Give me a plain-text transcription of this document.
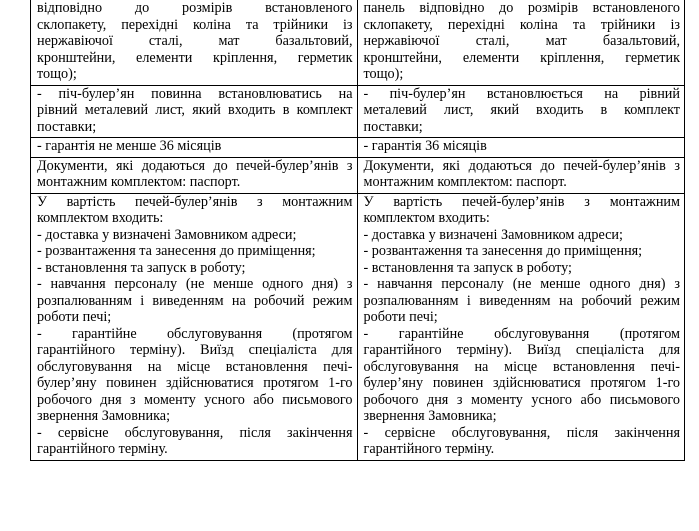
відповідно до розмірів встановленого
склопакету, перехідні коліна та трійники із
нержавіючої сталі, мат базальтовий,
кронштейни, елементи кріплення, герметик
тощо);
панель відповідно до розмірів встановленого
склопакету, перехідні коліна та трійники із
нержавіючої сталі, мат базальтовий,
кронштейни, елементи кріплення, герметик
тощо);
- піч-булер’ян повинна встановлюватись на
рівний металевий лист, який входить в комплект
поставки;
- піч-булер’ян встановлюється на рівний
металевий лист, який входить в комплект
поставки;
- гарантія не менше 36 місяців	- гарантія 36 місяців
Документи, які додаються до печей-булер’янів з
монтажним комплектом: паспорт.
Документи, які додаються до печей-булер’янів з
монтажним комплектом: паспорт.
У вартість печей-булер’янів з монтажним
комплектом входить:
- доставка у визначені Замовником адреси;
- розвантаження та занесення до приміщення;
- встановлення та запуск в роботу;
- навчання персоналу (не менше одного дня) з
розпалюванням і виведенням на робочий режим
роботи печі;
- гарантійне обслуговування (протягом
гарантійного терміну). Виїзд спеціаліста для
обслуговування на місце встановлення печі-
булер’яну повинен здійснюватися протягом 1-го
робочого дня з моменту усного або письмового
звернення Замовника;
- сервісне обслуговування, після закінчення
гарантійного терміну.
У вартість печей-булер’янів з монтажним
комплектом входить:
- доставка у визначені Замовником адреси;
- розвантаження та занесення до приміщення;
- встановлення та запуск в роботу;
- навчання персоналу (не менше одного дня) з
розпалюванням і виведенням на робочий режим
роботи печі;
- гарантійне обслуговування (протягом
гарантійного терміну). Виїзд спеціаліста для
обслуговування на місце встановлення печі-
булер’яну повинен здійснюватися протягом 1-го
робочого дня з моменту усного або письмового
звернення Замовника;
- сервісне обслуговування, після закінчення
гарантійного терміну.
